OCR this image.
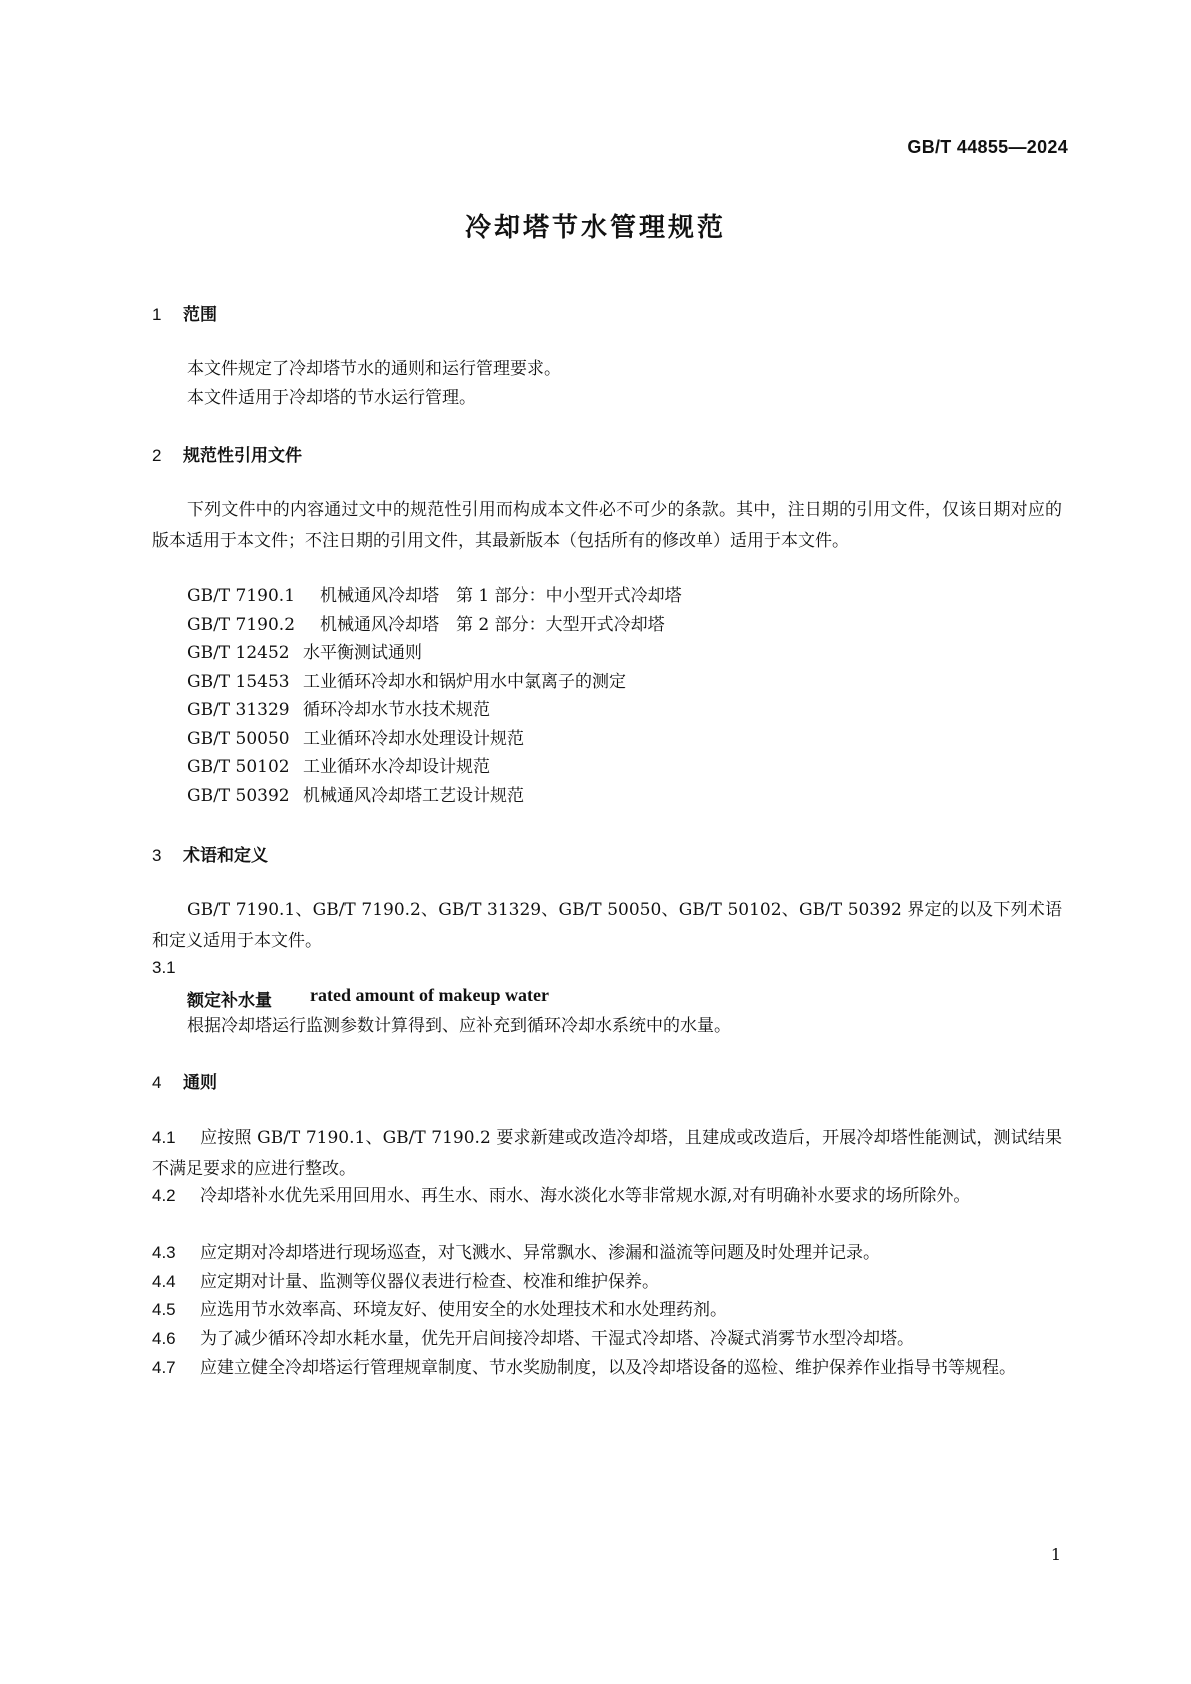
GB/T 44855—2024
冷却塔节水管理规范
1 范围
本文件规定了冷却塔节水的通则和运行管理要求。
本文件适用于冷却塔的节水运行管理。
2 规范性引用文件
下列文件中的内容通过文中的规范性引用而构成本文件必不可少的条款。其中，注日期的引用文件，仅该日期对应的版本适用于本文件；不注日期的引用文件，其最新版本（包括所有的修改单）适用于本文件。
GB/T 7190.1 机械通风冷却塔　第 1 部分：中小型开式冷却塔
GB/T 7190.2 机械通风冷却塔　第 2 部分：大型开式冷却塔
GB/T 12452 水平衡测试通则
GB/T 15453 工业循环冷却水和锅炉用水中氯离子的测定
GB/T 31329 循环冷却水节水技术规范
GB/T 50050 工业循环冷却水处理设计规范
GB/T 50102 工业循环水冷却设计规范
GB/T 50392 机械通风冷却塔工艺设计规范
3 术语和定义
GB/T 7190.1、GB/T 7190.2、GB/T 31329、GB/T 50050、GB/T 50102、GB/T 50392 界定的以及下列术语和定义适用于本文件。
3.1
额定补水量 rated amount of makeup water
根据冷却塔运行监测参数计算得到、应补充到循环冷却水系统中的水量。
4 通则
4.1 应按照 GB/T 7190.1、GB/T 7190.2 要求新建或改造冷却塔，且建成或改造后，开展冷却塔性能测试，测试结果不满足要求的应进行整改。
4.2 冷却塔补水优先采用回用水、再生水、雨水、海水淡化水等非常规水源,对有明确补水要求的场所除外。
4.3 应定期对冷却塔进行现场巡查，对飞溅水、异常飘水、渗漏和溢流等问题及时处理并记录。
4.4 应定期对计量、监测等仪器仪表进行检查、校准和维护保养。
4.5 应选用节水效率高、环境友好、使用安全的水处理技术和水处理药剂。
4.6 为了减少循环冷却水耗水量，优先开启间接冷却塔、干湿式冷却塔、冷凝式消雾节水型冷却塔。
4.7 应建立健全冷却塔运行管理规章制度、节水奖励制度，以及冷却塔设备的巡检、维护保养作业指导书等规程。
1
